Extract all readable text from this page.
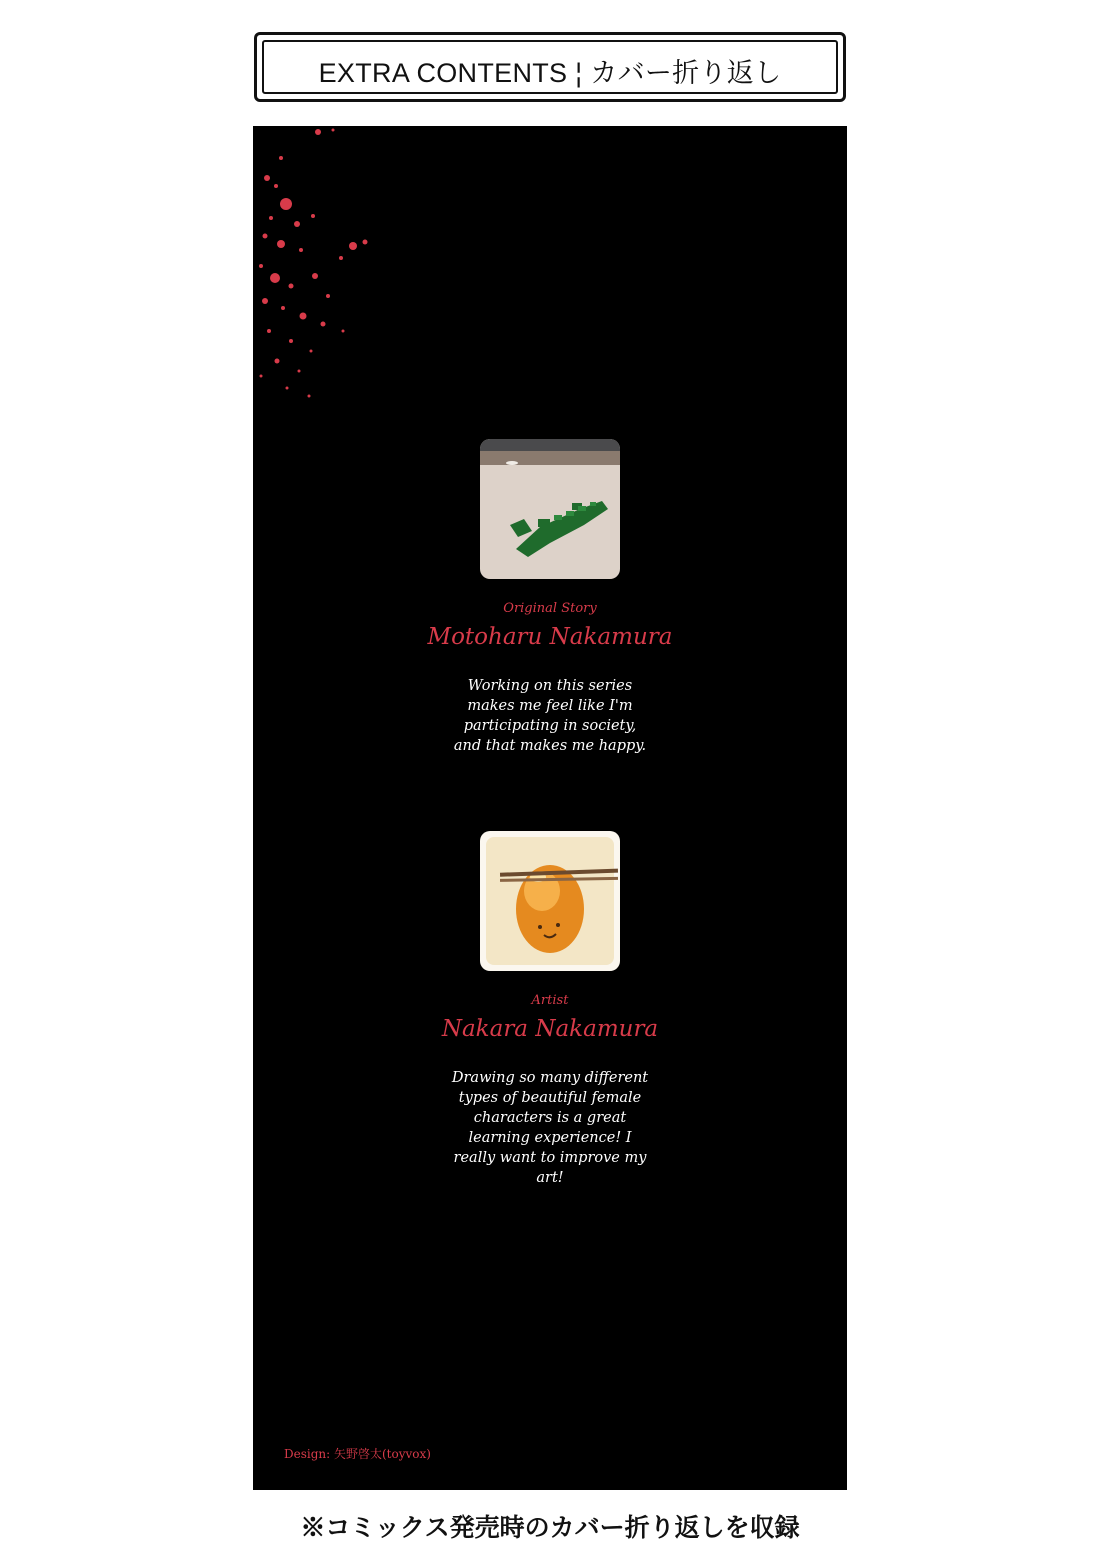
EXTRA CONTENTS ¦ カバー折り返し
Original Story
Motoharu Nakamura
Working on this series
makes me feel like I'm
participating in society,
and that makes me happy.
Artist
Nakara Nakamura
Drawing so many different
types of beautiful female
characters is a great
learning experience! I
really want to improve my
art!
Design: 矢野啓太(toyvox)
※コミックス発売時のカバー折り返しを収録
